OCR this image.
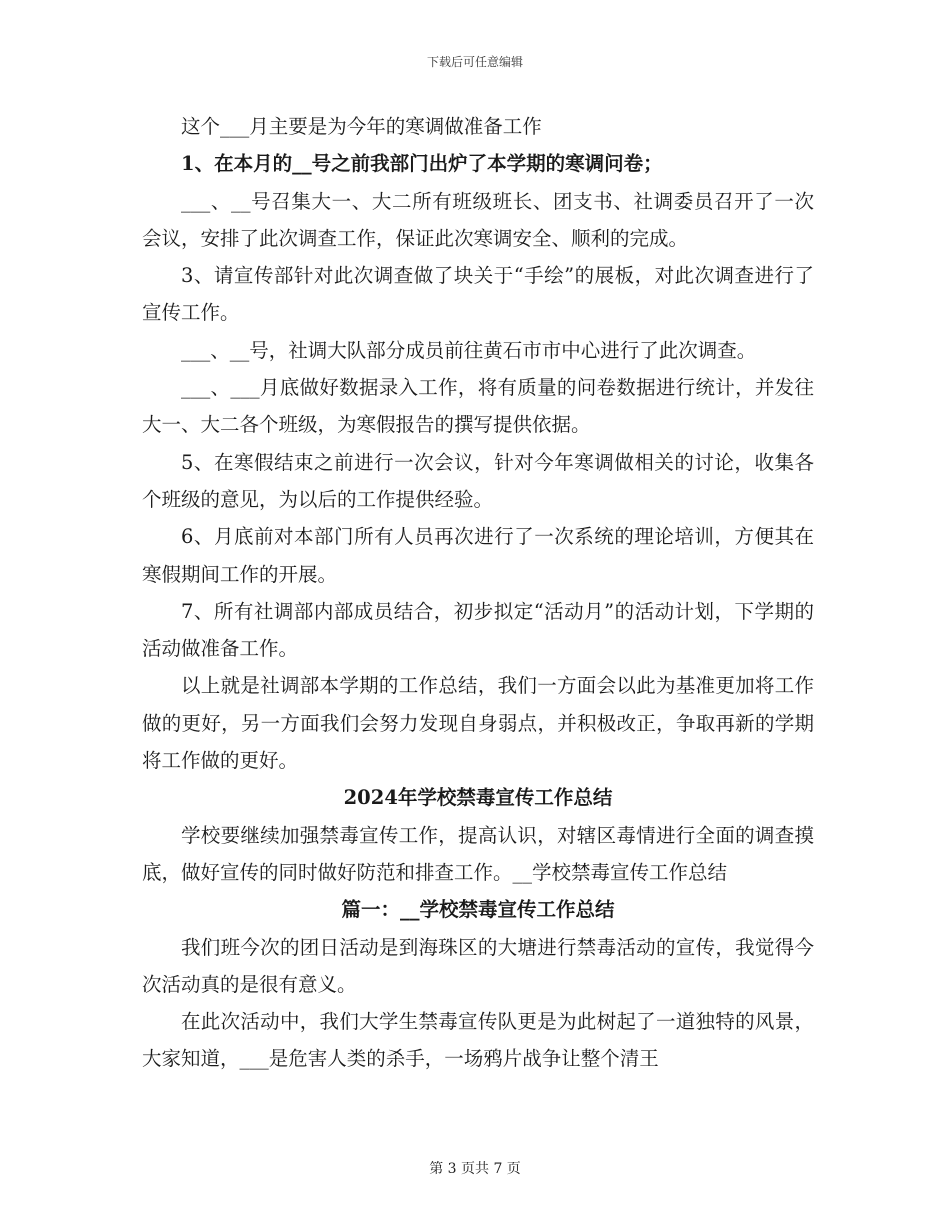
下载后可任意编辑

这个___月主要是为今年的寒调做准备工作

1、在本月的__号之前我部门出炉了本学期的寒调问卷；

___、__号召集大一、大二所有班级班长、团支书、社调委员召开了一次会议，安排了此次调查工作，保证此次寒调安全、顺利的完成。

3、请宣传部针对此次调查做了块关于“手绘”的展板，对此次调查进行了宣传工作。

___、__号，社调大队部分成员前往黄石市市中心进行了此次调查。

___、___月底做好数据录入工作，将有质量的问卷数据进行统计，并发往大一、大二各个班级，为寒假报告的撰写提供依据。

5、在寒假结束之前进行一次会议，针对今年寒调做相关的讨论，收集各个班级的意见，为以后的工作提供经验。

6、月底前对本部门所有人员再次进行了一次系统的理论培训，方便其在寒假期间工作的开展。

7、所有社调部内部成员结合，初步拟定“活动月”的活动计划，下学期的活动做准备工作。

以上就是社调部本学期的工作总结，我们一方面会以此为基准更加将工作做的更好，另一方面我们会努力发现自身弱点，并积极改正，争取再新的学期将工作做的更好。

2024年学校禁毒宣传工作总结

学校要继续加强禁毒宣传工作，提高认识，对辖区毒情进行全面的调查摸底，做好宣传的同时做好防范和排查工作。__学校禁毒宣传工作总结

篇一：__学校禁毒宣传工作总结

我们班今次的团日活动是到海珠区的大塘进行禁毒活动的宣传，我觉得今次活动真的是很有意义。

在此次活动中，我们大学生禁毒宣传队更是为此树起了一道独特的风景，大家知道，___是危害人类的杀手，一场鸦片战争让整个清王

第 3 页共 7 页
